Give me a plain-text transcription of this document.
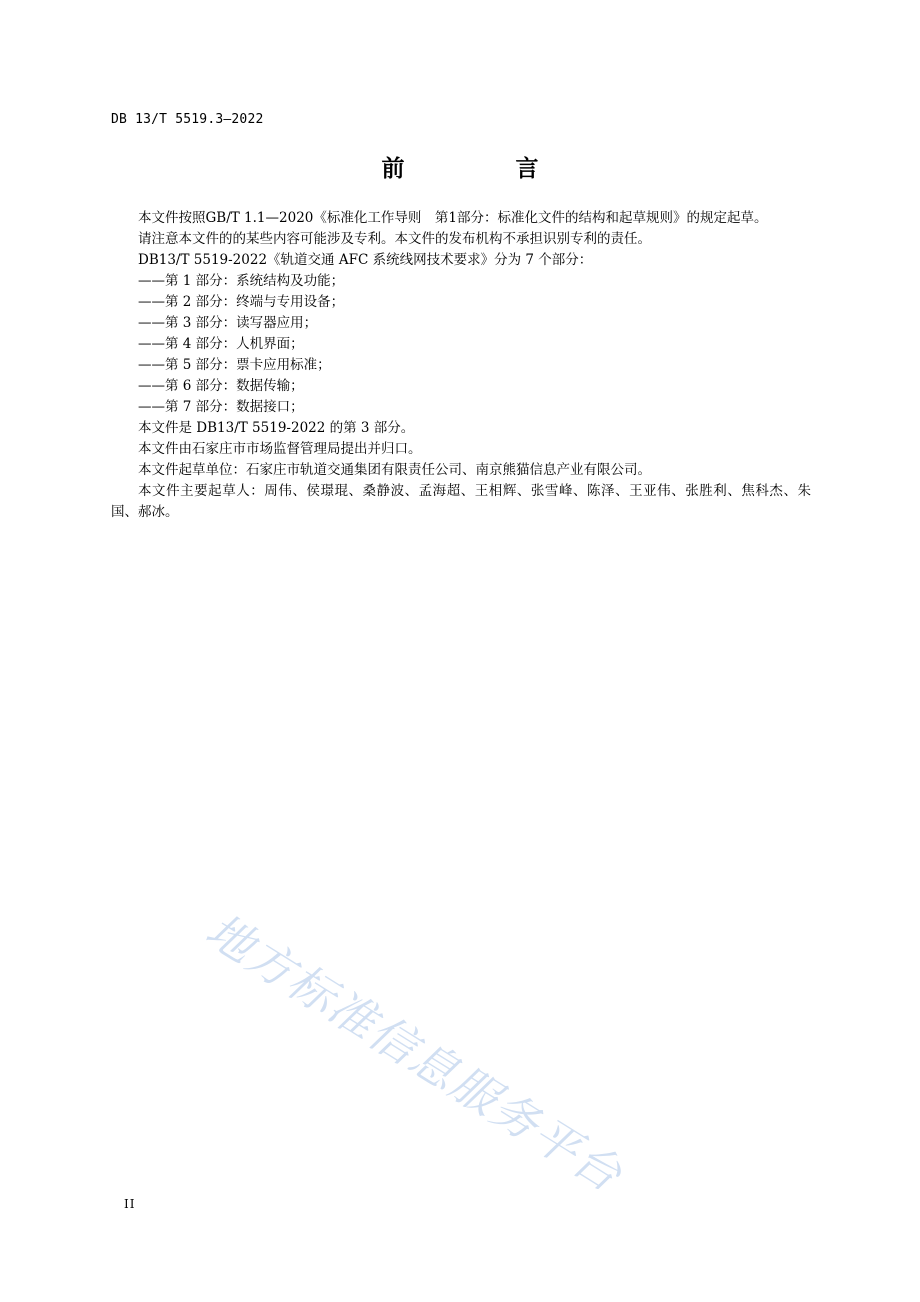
DB 13/T 5519.3—2022
前　言

本文件按照GB/T 1.1—2020《标准化工作导则　第1部分：标准化文件的结构和起草规则》的规定起草。

请注意本文件的的某些内容可能涉及专利。本文件的发布机构不承担识别专利的责任。

DB13/T 5519-2022《轨道交通 AFC 系统线网技术要求》分为 7 个部分：

——第 1 部分：系统结构及功能；

——第 2 部分：终端与专用设备；

——第 3 部分：读写器应用；

——第 4 部分：人机界面；

——第 5 部分：票卡应用标准；

——第 6 部分：数据传输；

——第 7 部分：数据接口；

本文件是 DB13/T 5519-2022 的第 3 部分。

本文件由石家庄市市场监督管理局提出并归口。

本文件起草单位：石家庄市轨道交通集团有限责任公司、南京熊猫信息产业有限公司。

本文件主要起草人：周伟、侯璟琨、桑静波、孟海超、王相辉、张雪峰、陈泽、王亚伟、张胜利、焦科杰、朱国、郝冰。

地方标准信息服务平台
II
